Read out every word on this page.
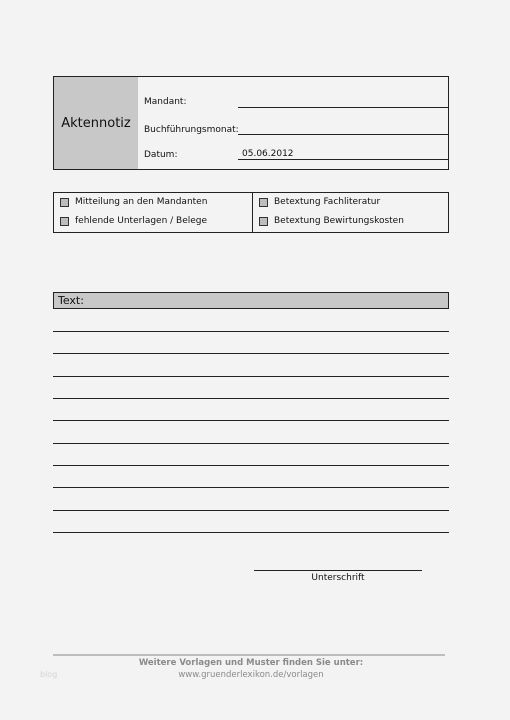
Aktennotiz
Mandant:
Buchführungsmonat:
Datum:	05.06.2012
Mitteilung an den Mandanten
fehlende Unterlagen / Belege
Betextung Fachliteratur
Betextung Bewirtungskosten
Text:
Unterschrift
Weitere Vorlagen und Muster finden Sie unter:
www.gruenderlexikon.de/vorlagen
blog
